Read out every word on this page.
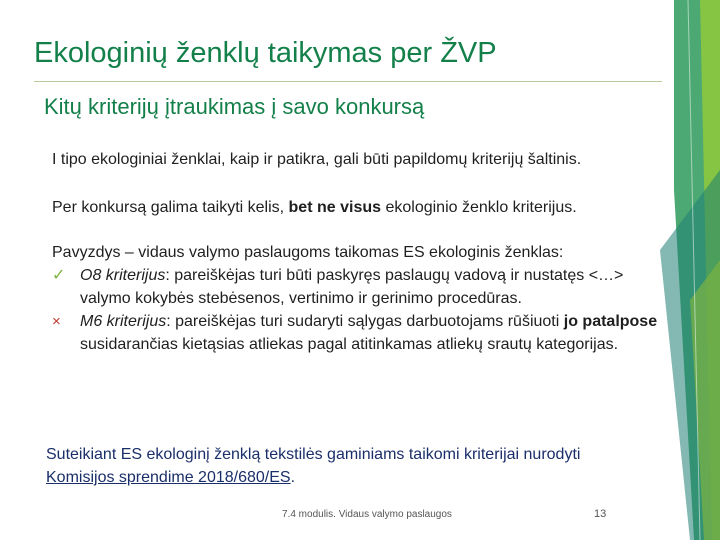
Ekologinių ženklų taikymas per ŽVP
Kitų kriterijų įtraukimas į savo konkursą
I tipo ekologiniai ženklai, kaip ir patikra, gali būti papildomų kriterijų šaltinis.
Per konkursą galima taikyti kelis, bet ne visus ekologinio ženklo kriterijus.
Pavyzdys – vidaus valymo paslaugoms taikomas ES ekologinis ženklas:
✓ O8 kriterijus: pareiškėjas turi būti paskyręs paslaugų vadovą ir nustatęs <…> valymo kokybės stebėsenos, vertinimo ir gerinimo procedūras.
×	M6 kriterijus: pareiškėjas turi sudaryti sąlygas darbuotojams rūšiuoti jo patalpose susidarančias kietąsias atliekas pagal atitinkamas atliekų srautų kategorijas.
Suteikiant ES ekologinį ženklą tekstilės gaminiams taikomi kriterijai nurodyti Komisijos sprendime 2018/680/ES.
7.4 modulis. Vidaus valymo paslaugos	13
